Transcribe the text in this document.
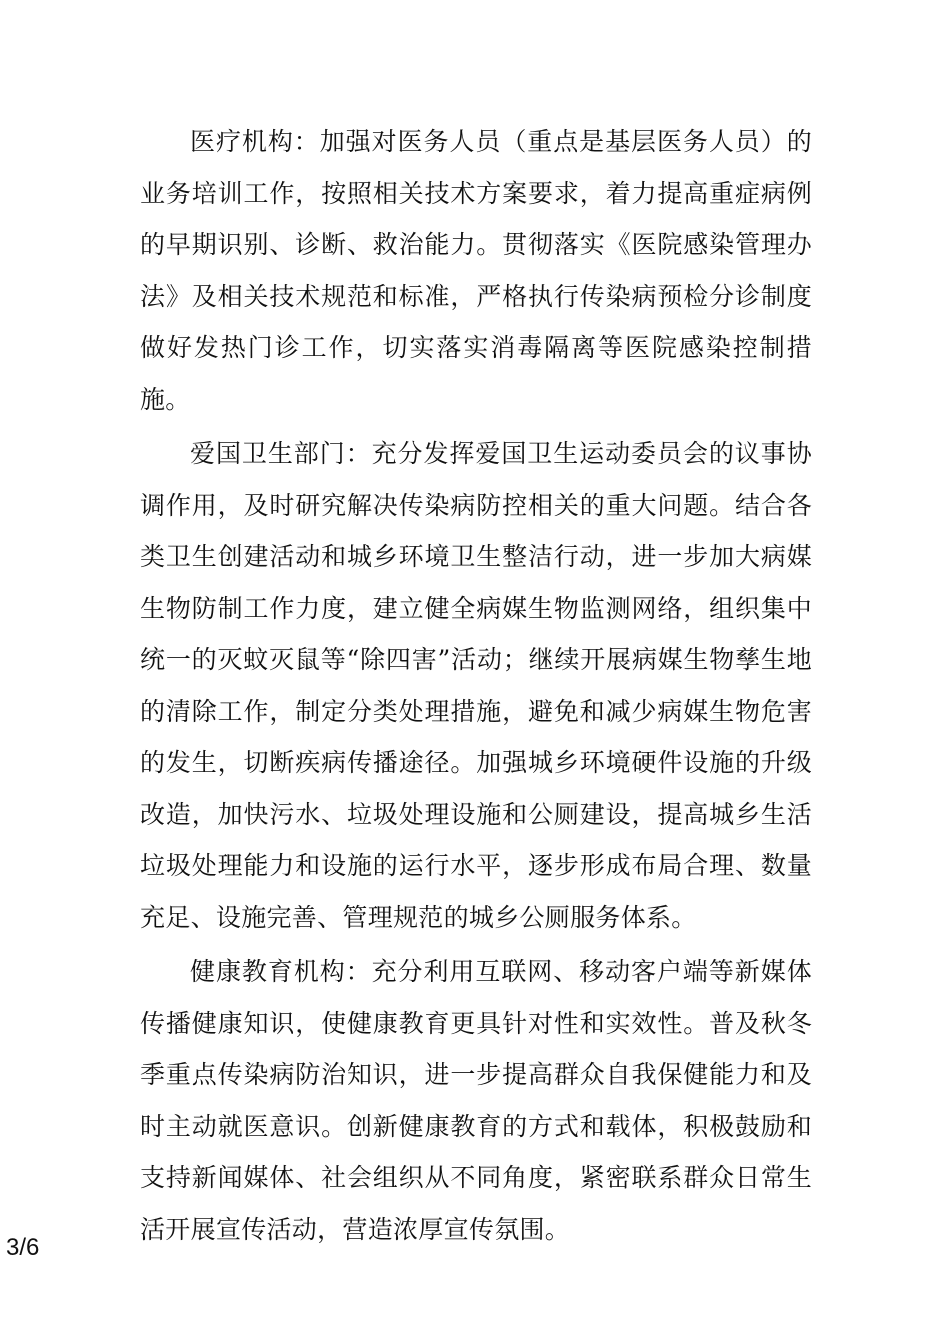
医疗机构：加强对医务人员（重点是基层医务人员）的业务培训工作，按照相关技术方案要求，着力提高重症病例的早期识别、诊断、救治能力。贯彻落实《医院感染管理办法》及相关技术规范和标准，严格执行传染病预检分诊制度做好发热门诊工作，切实落实消毒隔离等医院感染控制措施。

爱国卫生部门：充分发挥爱国卫生运动委员会的议事协调作用，及时研究解决传染病防控相关的重大问题。结合各类卫生创建活动和城乡环境卫生整洁行动，进一步加大病媒生物防制工作力度，建立健全病媒生物监测网络，组织集中统一的灭蚊灭鼠等“除四害”活动；继续开展病媒生物孳生地的清除工作，制定分类处理措施，避免和减少病媒生物危害的发生，切断疾病传播途径。加强城乡环境硬件设施的升级改造，加快污水、垃圾处理设施和公厕建设，提高城乡生活垃圾处理能力和设施的运行水平，逐步形成布局合理、数量充足、设施完善、管理规范的城乡公厕服务体系。

健康教育机构：充分利用互联网、移动客户端等新媒体传播健康知识，使健康教育更具针对性和实效性。普及秋冬季重点传染病防治知识，进一步提高群众自我保健能力和及时主动就医意识。创新健康教育的方式和载体，积极鼓励和支持新闻媒体、社会组织从不同角度，紧密联系群众日常生活开展宣传活动，营造浓厚宣传氛围。

3/6
